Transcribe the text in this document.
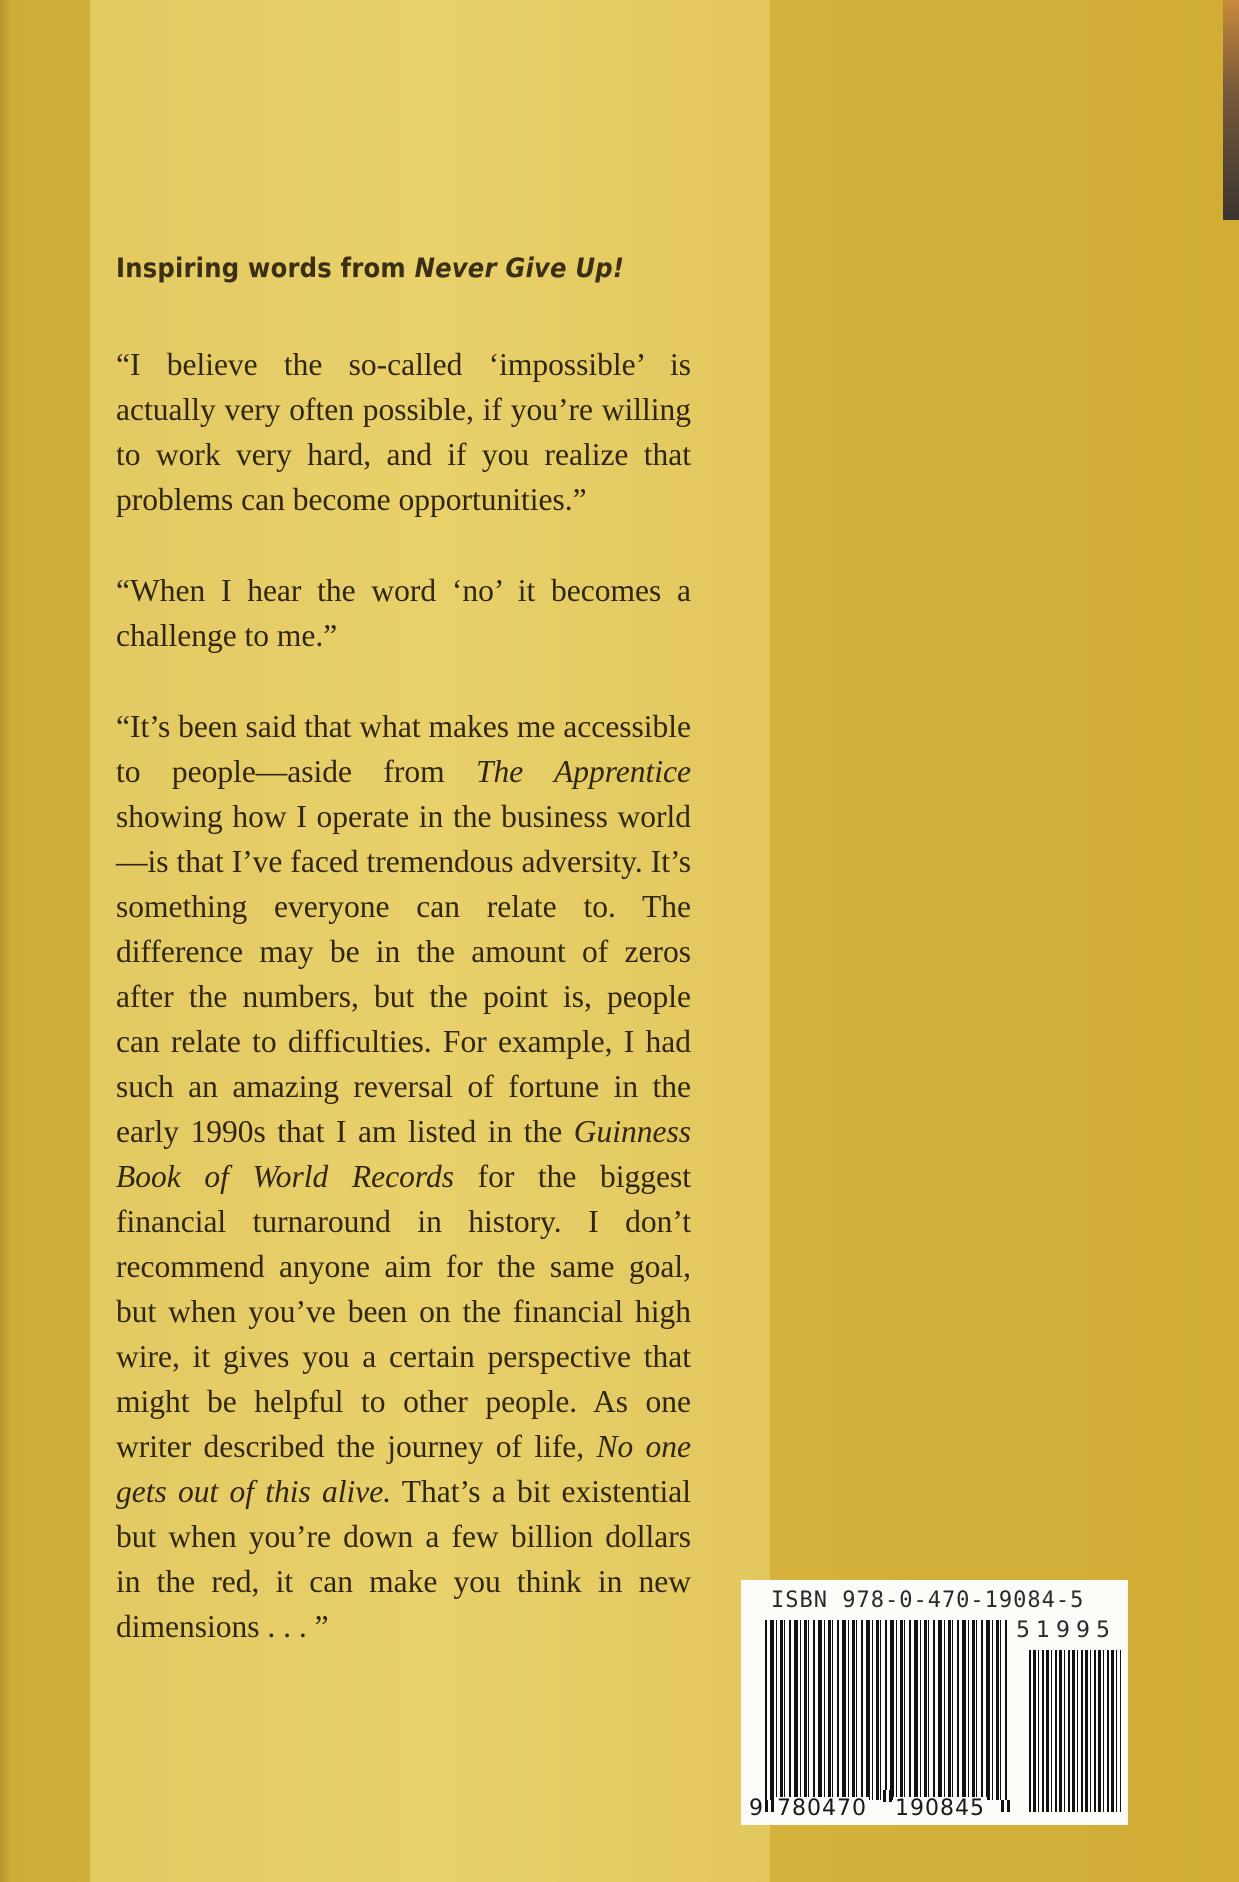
Inspiring words from Never Give Up!

“I believe the so-called ‘impossible’ is actually very often possible, if you’re willing to work very hard, and if you realize that problems can become opportunities.”

“When I hear the word ‘no’ it becomes a challenge to me.”

“It’s been said that what makes me accessible to people—aside from The Apprentice showing how I operate in the business world—is that I’ve faced tremendous adversity. It’s something everyone can relate to. The difference may be in the amount of zeros after the numbers, but the point is, people can relate to difficulties. For example, I had such an amazing reversal of fortune in the early 1990s that I am listed in the Guinness Book of World Records for the biggest financial turnaround in history. I don’t recommend anyone aim for the same goal, but when you’ve been on the financial high wire, it gives you a certain perspective that might be helpful to other people. As one writer described the journey of life, No one gets out of this alive. That’s a bit existential but when you’re down a few billion dollars in the red, it can make you think in new dimensions . . . ”

ISBN 978-0-470-19084-5
51995
9 780470 190845
